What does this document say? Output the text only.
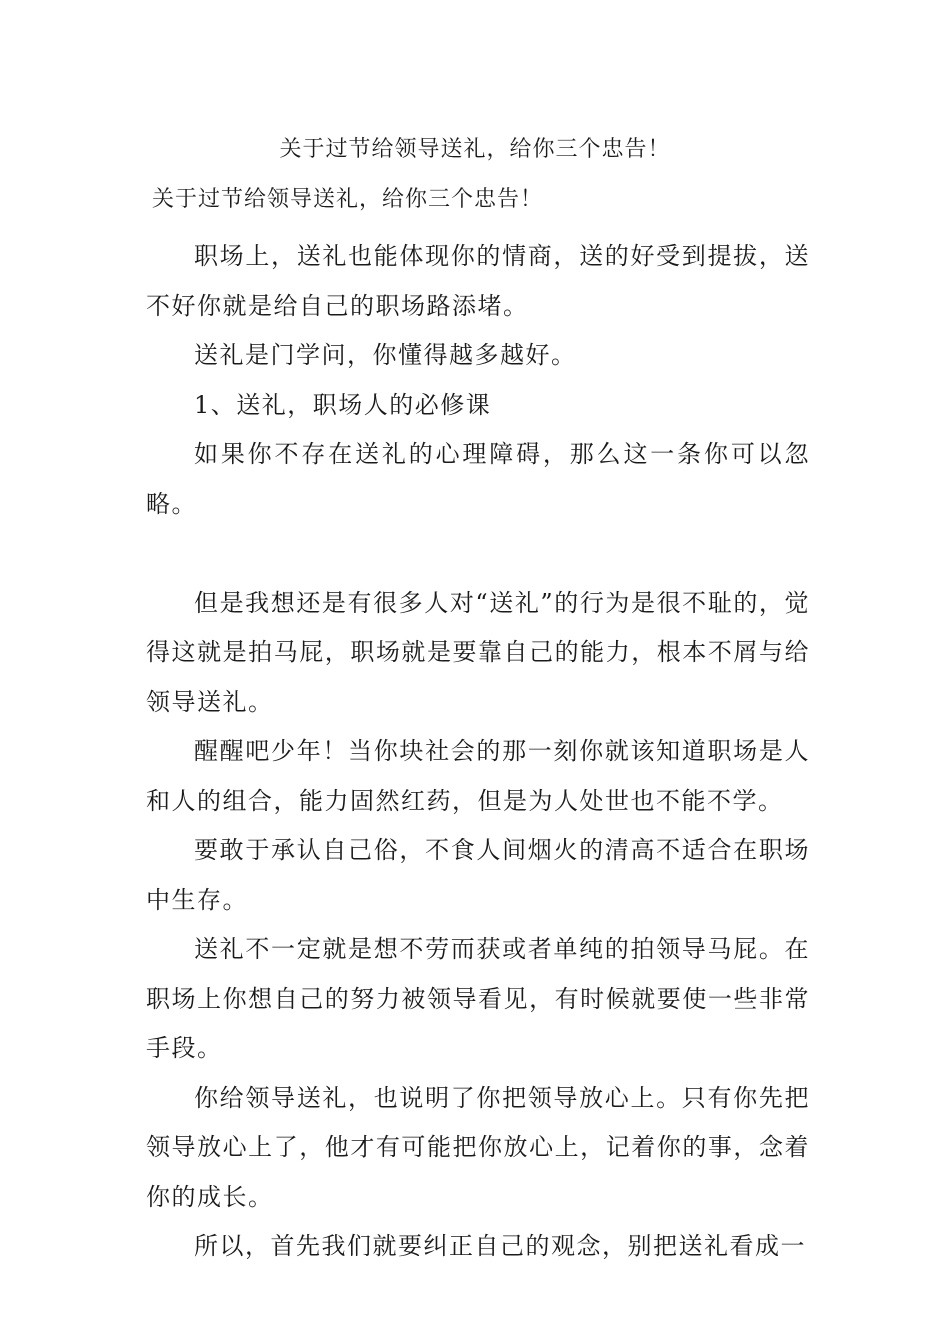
关于过节给领导送礼，给你三个忠告！
关于过节给领导送礼，给你三个忠告！

职场上，送礼也能体现你的情商，送的好受到提拔，送不好你就是给自己的职场路添堵。

送礼是门学问，你懂得越多越好。

1、送礼，职场人的必修课

如果你不存在送礼的心理障碍，那么这一条你可以忽略。

但是我想还是有很多人对“送礼”的行为是很不耻的，觉得这就是拍马屁，职场就是要靠自己的能力，根本不屑与给领导送礼。

醒醒吧少年！当你块社会的那一刻你就该知道职场是人和人的组合，能力固然红药，但是为人处世也不能不学。

要敢于承认自己俗，不食人间烟火的清高不适合在职场中生存。

送礼不一定就是想不劳而获或者单纯的拍领导马屁。在职场上你想自己的努力被领导看见，有时候就要使一些非常手段。

你给领导送礼，也说明了你把领导放心上。只有你先把领导放心上了，他才有可能把你放心上，记着你的事，念着你的成长。

所以，首先我们就要纠正自己的观念，别把送礼看成一
